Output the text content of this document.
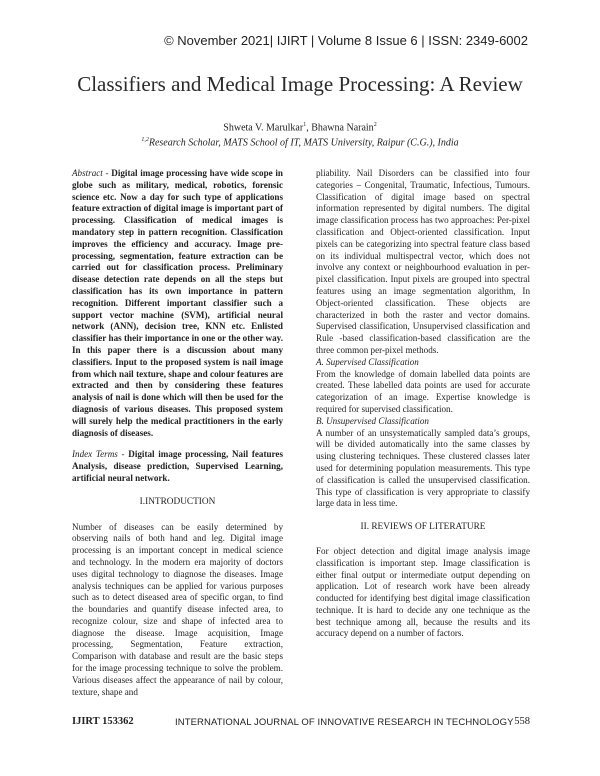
© November 2021| IJIRT | Volume 8 Issue 6 | ISSN: 2349-6002
Classifiers and Medical Image Processing: A Review
Shweta V. Marulkar$^1$, Bhawna Narain$^2$
$^{1,2}$Research Scholar, MATS School of IT, MATS University, Raipur (C.G.), India

Abstract - Digital image processing have wide scope in globe such as military, medical, robotics, forensic science etc. Now a day for such type of applications feature extraction of digital image is important part of processing. Classification of medical images is mandatory step in pattern recognition. Classification improves the efficiency and accuracy. Image pre-processing, segmentation, feature extraction can be carried out for classification process. Preliminary disease detection rate depends on all the steps but classification has its own importance in pattern recognition. Different important classifier such a support vector machine (SVM), artificial neural network (ANN), decision tree, KNN etc. Enlisted classifier has their importance in one or the other way. In this paper there is a discussion about many classifiers. Input to the proposed system is nail image from which nail texture, shape and colour features are extracted and then by considering these features analysis of nail is done which will then be used for the diagnosis of various diseases. This proposed system will surely help the medical practitioners in the early diagnosis of diseases.

Index Terms - Digital image processing, Nail features Analysis, disease prediction, Supervised Learning, artificial neural network.

I.INTRODUCTION

Number of diseases can be easily determined by observing nails of both hand and leg. Digital image processing is an important concept in medical science and technology. In the modern era majority of doctors uses digital technology to diagnose the diseases. Image analysis techniques can be applied for various purposes such as to detect diseased area of specific organ, to find the boundaries and quantify disease infected area, to recognize colour, size and shape of infected area to diagnose the disease. Image acquisition, Image processing, Segmentation, Feature extraction, Comparison with database and result are the basic steps for the image processing technique to solve the problem. Various diseases affect the appearance of nail by colour, texture, shape and

pliability. Nail Disorders can be classified into four categories – Congenital, Traumatic, Infectious, Tumours. Classification of digital image based on spectral information represented by digital numbers. The digital image classification process has two approaches: Per-pixel classification and Object-oriented classification. Input pixels can be categorizing into spectral feature class based on its individual multispectral vector, which does not involve any context or neighbourhood evaluation in per-pixel classification. Input pixels are grouped into spectral features using an image segmentation algorithm, In Object-oriented classification. These objects are characterized in both the raster and vector domains. Supervised classification, Unsupervised classification and Rule -based classification-based classification are the three common per-pixel methods.

A. Supervised Classification

From the knowledge of domain labelled data points are created. These labelled data points are used for accurate categorization of an image. Expertise knowledge is required for supervised classification.

B. Unsupervised Classification

A number of an unsystematically sampled data’s groups, will be divided automatically into the same classes by using clustering techniques. These clustered classes later used for determining population measurements. This type of classification is called the unsupervised classification. This type of classification is very appropriate to classify large data in less time.

II. REVIEWS OF LITERATURE

For object detection and digital image analysis image classification is important step. Image classification is either final output or intermediate output depending on application. Lot of research work have been already conducted for identifying best digital image classification technique. It is hard to decide any one technique as the best technique among all, because the results and its accuracy depend on a number of factors.

IJIRT 153362	INTERNATIONAL JOURNAL OF INNOVATIVE RESEARCH IN TECHNOLOGY 558
